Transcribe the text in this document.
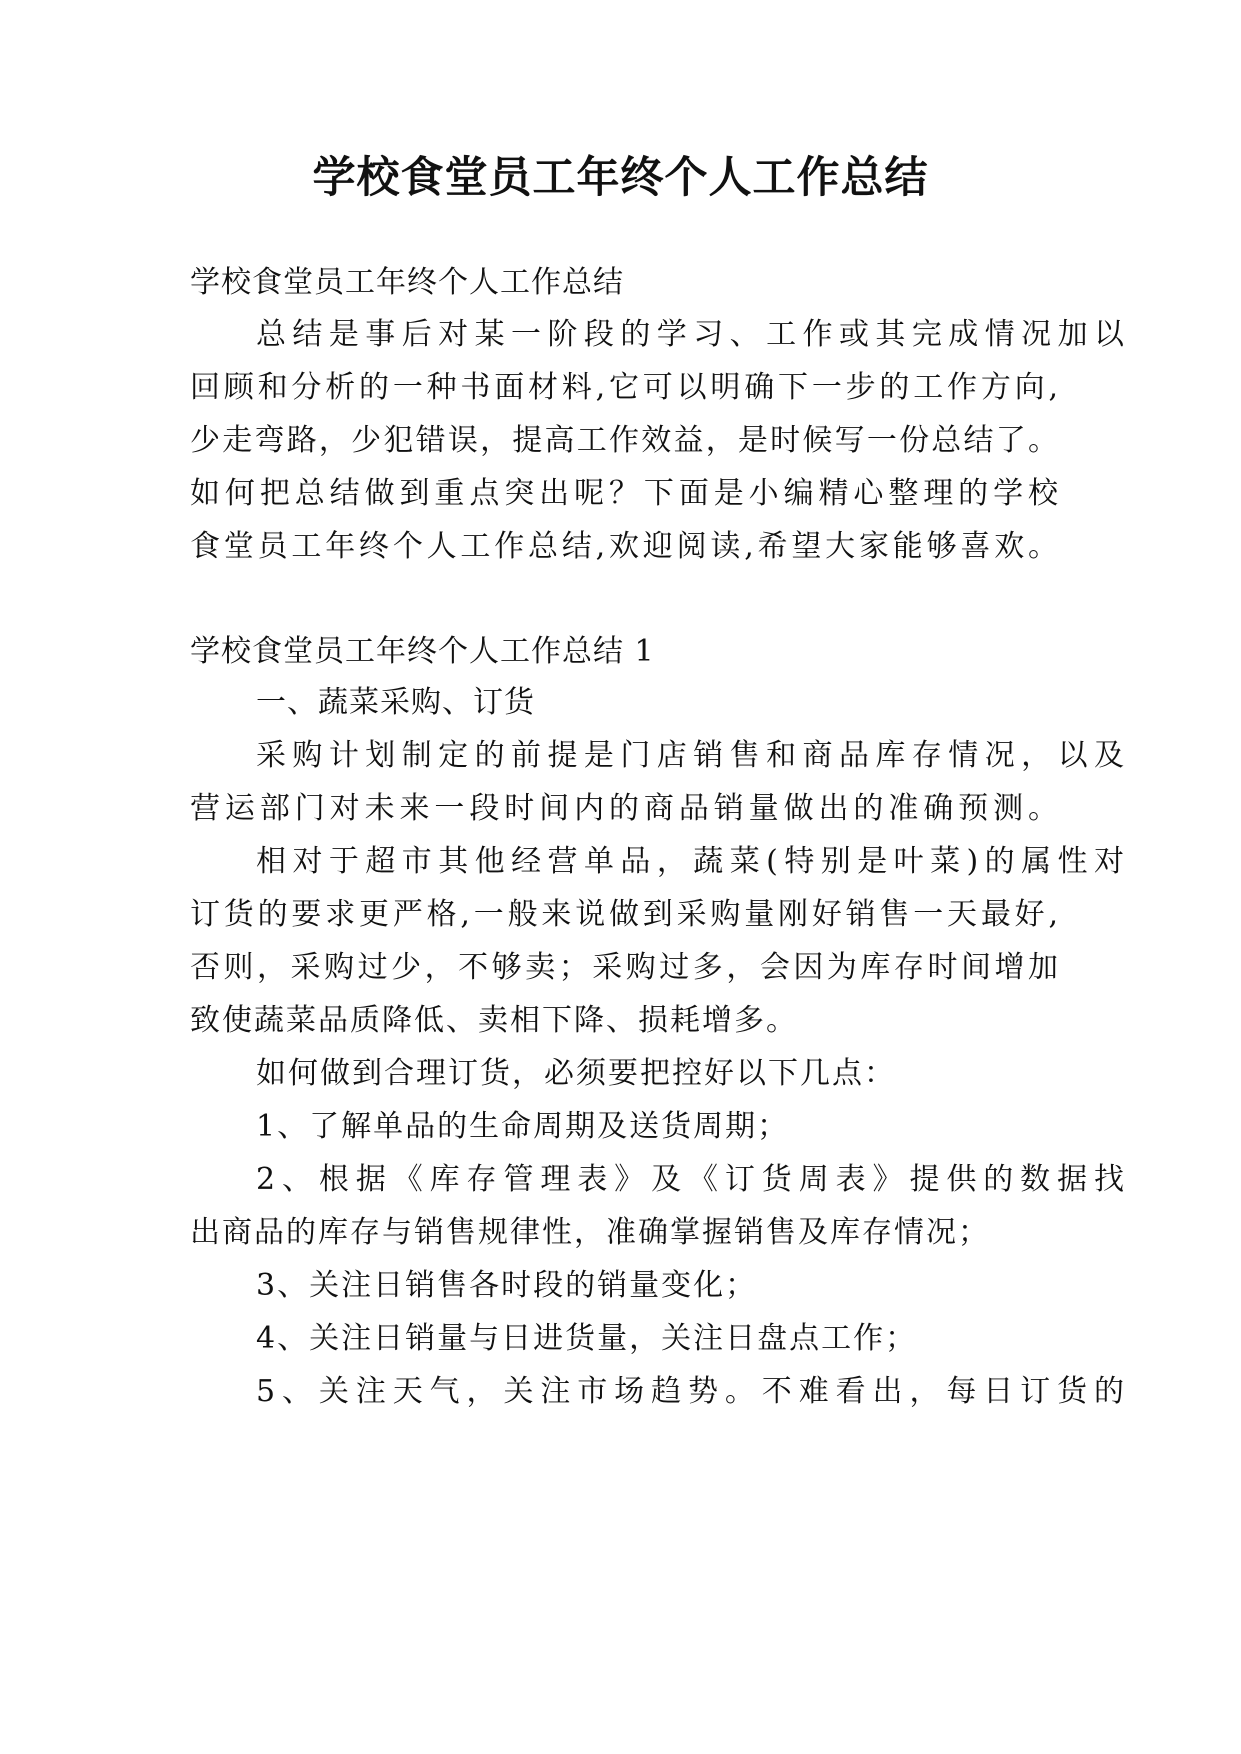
学校食堂员工年终个人工作总结
学校食堂员工年终个人工作总结
总结是事后对某一阶段的学习、工作或其完成情况加以
回顾和分析的一种书面材料,它可以明确下一步的工作方向,
少走弯路，少犯错误，提高工作效益，是时候写一份总结了。
如何把总结做到重点突出呢？下面是小编精心整理的学校
食堂员工年终个人工作总结,欢迎阅读,希望大家能够喜欢。
学校食堂员工年终个人工作总结 1
一、蔬菜采购、订货
采购计划制定的前提是门店销售和商品库存情况，以及
营运部门对未来一段时间内的商品销量做出的准确预测。
相对于超市其他经营单品，蔬菜(特别是叶菜)的属性对
订货的要求更严格,一般来说做到采购量刚好销售一天最好,
否则，采购过少，不够卖；采购过多，会因为库存时间增加
致使蔬菜品质降低、卖相下降、损耗增多。
如何做到合理订货，必须要把控好以下几点：
1、了解单品的生命周期及送货周期；
2、根据《库存管理表》及《订货周表》提供的数据找
出商品的库存与销售规律性，准确掌握销售及库存情况；
3、关注日销售各时段的销量变化；
4、关注日销量与日进货量，关注日盘点工作；
5、关注天气，关注市场趋势。不难看出，每日订货的
